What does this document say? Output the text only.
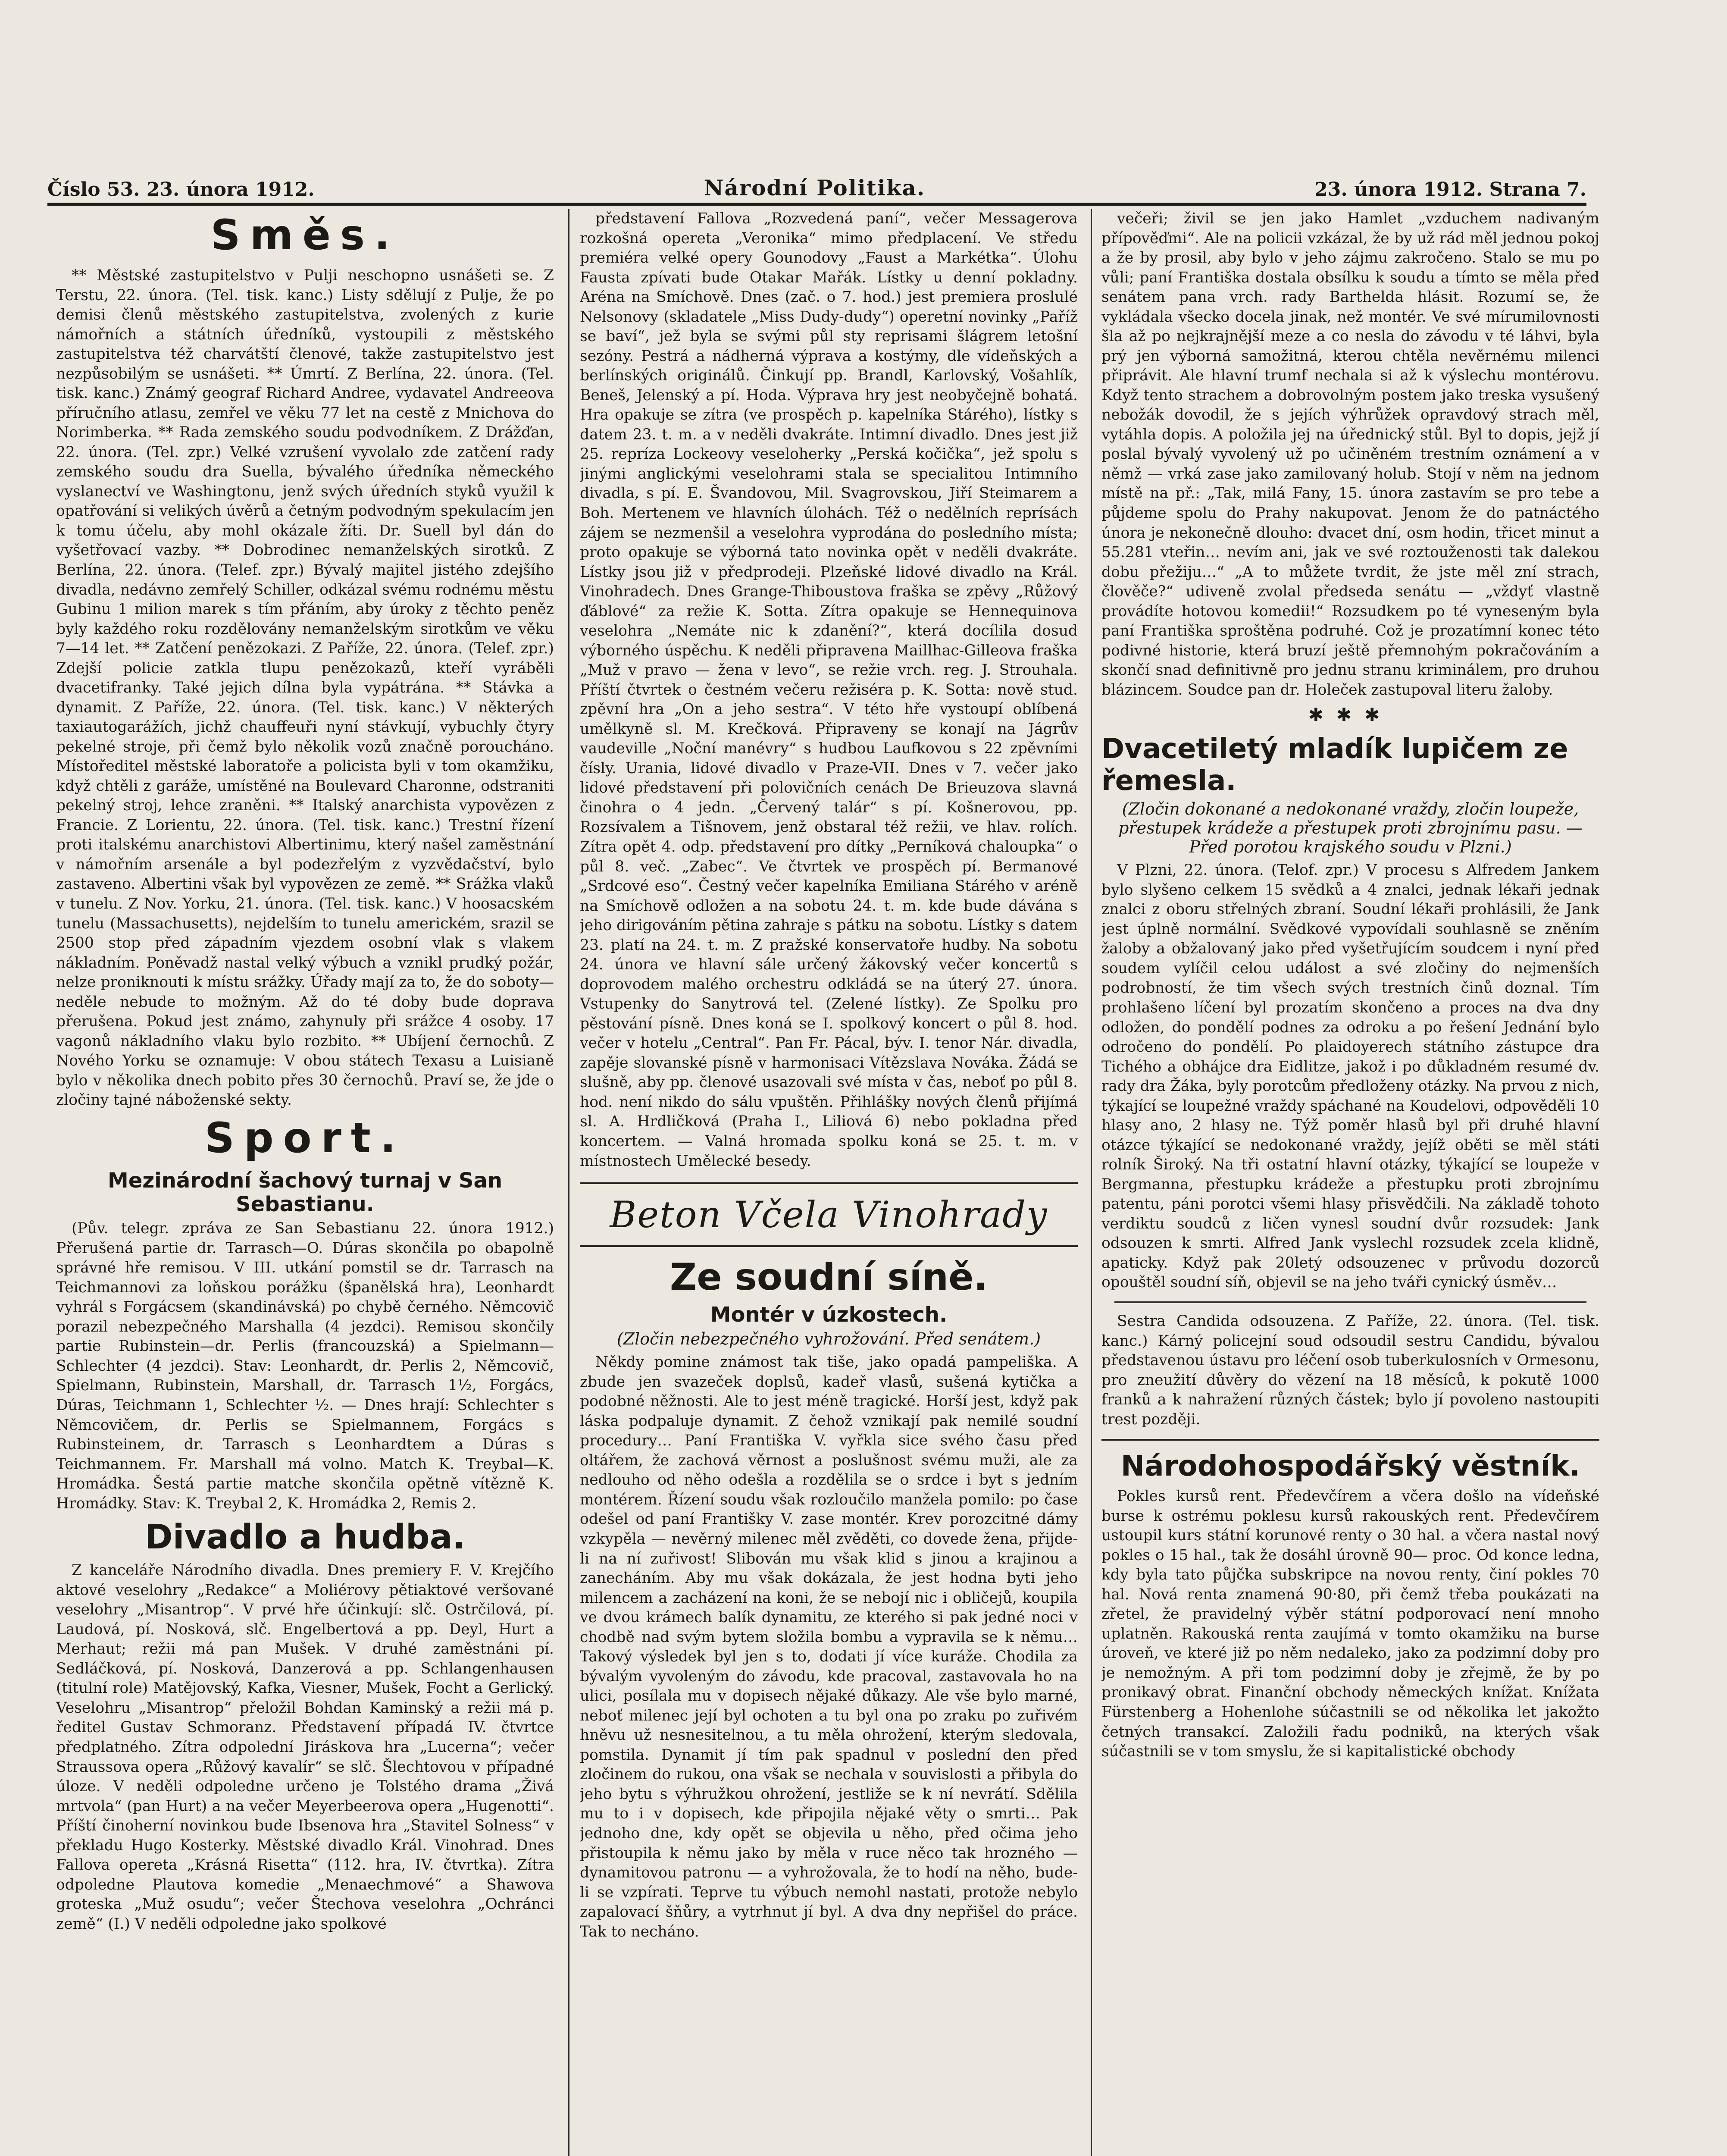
Číslo 53. 23. února 1912.	Národní Politika.	23. února 1912. Strana 7.
Směs.

** Městské zastupitelstvo v Pulji neschopno usnášeti se. Z Terstu, 22. února. (Tel. tisk. kanc.) Listy sdělují z Pulje, že po demisi členů městského zastupitelstva, zvolených z kurie námořních a státních úředníků, vystoupili z městského zastupitelstva též charvátští členové, takže zastupitelstvo jest nezpůsobilým se usnášeti. ** Úmrtí. Z Berlína, 22. února. (Tel. tisk. kanc.) Známý geograf Richard Andree, vydavatel Andreeova příručního atlasu, zemřel ve věku 77 let na cestě z Mnichova do Norimberka. ** Rada zemského soudu podvodníkem. Z Drážďan, 22. února. (Tel. zpr.) Velké vzrušení vyvolalo zde zatčení rady zemského soudu dra Suella, bývalého úředníka německého vyslanectví ve Washingtonu, jenž svých úředních styků využil k opatřování si velikých úvěrů a četným podvodným spekulacím jen k tomu účelu, aby mohl okázale žíti. Dr. Suell byl dán do vyšetřovací vazby. ** Dobrodinec nemanželských sirotků. Z Berlína, 22. února. (Telef. zpr.) Bývalý majitel jistého zdejšího divadla, nedávno zemřelý Schiller, odkázal svému rodnému městu Gubinu 1 milion marek s tím přáním, aby úroky z těchto peněz byly každého roku rozdělovány nemanželským sirotkům ve věku 7—14 let. ** Zatčení penězokazi. Z Paříže, 22. února. (Telef. zpr.) Zdejší policie zatkla tlupu penězokazů, kteří vyráběli dvacetifranky. Také jejich dílna byla vypátrána. ** Stávka a dynamit. Z Paříže, 22. února. (Tel. tisk. kanc.) V některých taxiautogarážích, jichž chauffeuři nyní stávkují, vybuchly čtyry pekelné stroje, při čemž bylo několik vozů značně poroucháno. Místoředitel městské laboratoře a policista byli v tom okamžiku, když chtěli z garáže, umístěné na Boulevard Charonne, odstraniti pekelný stroj, lehce zraněni. ** Italský anarchista vypovězen z Francie. Z Lorientu, 22. února. (Tel. tisk. kanc.) Trestní řízení proti italskému anarchistovi Albertinimu, který našel zaměstnání v námořním arsenále a byl podezřelým z vyzvědačství, bylo zastaveno. Albertini však byl vypovězen ze země. ** Srážka vlaků v tunelu. Z Nov. Yorku, 21. února. (Tel. tisk. kanc.) V hoosacském tunelu (Massachusetts), nejdelším to tunelu americkém, srazil se 2500 stop před západním vjezdem osobní vlak s vlakem nákladním. Poněvadž nastal velký výbuch a vznikl prudký požár, nelze proniknouti k místu srážky. Úřady mají za to, že do soboty—neděle nebude to možným. Až do té doby bude doprava přerušena. Pokud jest známo, zahynuly při srážce 4 osoby. 17 vagonů nákladního vlaku bylo rozbito. ** Ubíjení černochů. Z Nového Yorku se oznamuje: V obou státech Texasu a Luisianě bylo v několika dnech pobito přes 30 černochů. Praví se, že jde o zločiny tajné náboženské sekty.

Sport.
Mezinárodní šachový turnaj v San Sebastianu.

(Pův. telegr. zpráva ze San Sebastianu 22. února 1912.) Přerušená partie dr. Tarrasch—O. Dúras skončila po obapolně správné hře remisou. V III. utkání pomstil se dr. Tarrasch na Teichmannovi za loňskou porážku (španělská hra), Leonhardt vyhrál s Forgácsem (skandinávská) po chybě černého. Němcovič porazil nebezpečného Marshalla (4 jezdci). Remisou skončily partie Rubinstein—dr. Perlis (francouzská) a Spielmann—Schlechter (4 jezdci). Stav: Leonhardt, dr. Perlis 2, Němcovič, Spielmann, Rubinstein, Marshall, dr. Tarrasch 1½, Forgács, Dúras, Teichmann 1, Schlechter ½. — Dnes hrají: Schlechter s Němcovičem, dr. Perlis se Spielmannem, Forgács s Rubinsteinem, dr. Tarrasch s Leonhardtem a Dúras s Teichmannem. Fr. Marshall má volno. Match K. Treybal—K. Hromádka. Šestá partie matche skončila opětně vítězně K. Hromádky. Stav: K. Treybal 2, K. Hromádka 2, Remis 2.

Divadlo a hudba.

Z kanceláře Národního divadla. Dnes premiery F. V. Krejčího aktové veselohry „Redakce“ a Moliérovy pětiaktové veršované veselohry „Misantrop“. V prvé hře účinkují: slč. Ostrčilová, pí. Laudová, pí. Nosková, slč. Engelbertová a pp. Deyl, Hurt a Merhaut; režii má pan Mušek. V druhé zaměstnáni pí. Sedláčková, pí. Nosková, Danzerová a pp. Schlangenhausen (titulní role) Matějovský, Kafka, Viesner, Mušek, Focht a Gerlický. Veselohru „Misantrop“ přeložil Bohdan Kaminský a režii má p. ředitel Gustav Schmoranz. Představení případá IV. čtvrtce předplatného. Zítra odpolední Jiráskova hra „Lucerna“; večer Straussova opera „Růžový kavalír“ se slč. Šlechtovou v případné úloze. V neděli odpoledne určeno je Tolstého drama „Živá mrtvola“ (pan Hurt) a na večer Meyerbeerova opera „Hugenotti“. Příští činoherní novinkou bude Ibsenova hra „Stavitel Solness“ v překladu Hugo Kosterky. Městské divadlo Král. Vinohrad. Dnes Fallova opereta „Krásná Risetta“ (112. hra, IV. čtvrtka). Zítra odpoledne Plautova komedie „Menaechmové“ a Shawova groteska „Muž osudu“; večer Štechova veselohra „Ochránci země“ (I.) V neděli odpoledne jako spolkové

představení Fallova „Rozvedená paní“, večer Messagerova rozkošná opereta „Veronika“ mimo předplacení. Ve středu premiéra velké opery Gounodovy „Faust a Markétka“. Úlohu Fausta zpívati bude Otakar Mařák. Lístky u denní pokladny. Aréna na Smíchově. Dnes (zač. o 7. hod.) jest premiera proslulé Nelsonovy (skladatele „Miss Dudy-dudy“) operetní novinky „Paříž se baví“, jež byla se svými půl sty reprisami šlágrem letošní sezóny. Pestrá a nádherná výprava a kostýmy, dle vídeňských a berlínských originálů. Činkují pp. Brandl, Karlovský, Vošahlík, Beneš, Jelenský a pí. Hoda. Výprava hry jest neobyčejně bohatá. Hra opakuje se zítra (ve prospěch p. kapelníka Stárého), lístky s datem 23. t. m. a v neděli dvakráte. Intimní divadlo. Dnes jest již 25. repríza Lockeovy veseloherky „Perská kočička“, jež spolu s jinými anglickými veselohrami stala se specialitou Intimního divadla, s pí. E. Švandovou, Mil. Svagrovskou, Jiří Steimarem a Boh. Mertenem ve hlavních úlohách. Též o nedělních reprísách zájem se nezmenšil a veselohra vyprodána do posledního místa; proto opakuje se výborná tato novinka opět v neděli dvakráte. Lístky jsou již v předprodeji. Plzeňské lidové divadlo na Král. Vinohradech. Dnes Grange-Thiboustova fraška se zpěvy „Růžový ďáblové“ za režie K. Sotta. Zítra opakuje se Hennequinova veselohra „Nemáte nic k zdanění?“, která docílila dosud výborného úspěchu. K neděli připravena Maillhac-Gilleova fraška „Muž v pravo — žena v levo“, se režie vrch. reg. J. Strouhala. Příští čtvrtek o čestném večeru režiséra p. K. Sotta: nově stud. zpěvní hra „On a jeho sestra“. V této hře vystoupí oblíbená umělkyně sl. M. Krečková. Připraveny se konají na Jágrův vaudeville „Noční manévry“ s hudbou Laufkovou s 22 zpěvními čísly. Urania, lidové divadlo v Praze-VII. Dnes v 7. večer jako lidové představení při polovičních cenách De Brieuzova slavná činohra o 4 jedn. „Červený talár“ s pí. Košnerovou, pp. Rozsívalem a Tišnovem, jenž obstaral též režii, ve hlav. rolích. Zítra opět 4. odp. představení pro dítky „Perníková chaloupka“ o půl 8. več. „Zabec“. Ve čtvrtek ve prospěch pí. Bermanové „Srdcové eso“. Čestný večer kapelníka Emiliana Stárého v aréně na Smíchově odložen a na sobotu 24. t. m. kde bude dávána s jeho dirigováním pětina zahraje s pátku na sobotu. Lístky s datem 23. platí na 24. t. m. Z pražské konservatoře hudby. Na sobotu 24. února ve hlavní sále určený žákovský večer koncertů s doprovodem malého orchestru odkládá se na úterý 27. února. Vstupenky do Sanytrová tel. (Zelené lístky). Ze Spolku pro pěstování písně. Dnes koná se I. spolkový koncert o půl 8. hod. večer v hotelu „Central“. Pan Fr. Pácal, býv. I. tenor Nár. divadla, zapěje slovanské písně v harmonisaci Vítězslava Nováka. Žádá se slušně, aby pp. členové usazovali své místa v čas, neboť po půl 8. hod. není nikdo do sálu vpuštěn. Přihlášky nových členů přijímá sl. A. Hrdličková (Praha I., Liliová 6) nebo pokladna před koncertem. — Valná hromada spolku koná se 25. t. m. v místnostech Umělecké besedy.

Beton Včela Vinohrady
Ze soudní síně.
Montér v úzkostech.
(Zločin nebezpečného vyhrožování. Před senátem.)

Někdy pomine známost tak tiše, jako opadá pampeliška. A zbude jen svazeček doplsů, kadeř vlasů, sušená kytička a podobné něžnosti. Ale to jest méně tragické. Horší jest, když pak láska podpaluje dynamit. Z čehož vznikají pak nemilé soudní procedury… Paní Františka V. vyřkla sice svého času před oltářem, že zachová věrnost a poslušnost svému muži, ale za nedlouho od něho odešla a rozdělila se o srdce i byt s jedním montérem. Řízení soudu však rozloučilo manžela pomilo: po čase odešel od paní Františky V. zase montér. Krev porozcitné dámy vzkypěla — nevěrný milenec měl zvěděti, co dovede žena, přijde-li na ní zuřivost! Slibován mu však klid s jinou a krajinou a zanecháním. Aby mu však dokázala, že jest hodna byti jeho milencem a zacházení na koni, že se nebojí nic i obličejů, koupila ve dvou krámech balík dynamitu, ze kterého si pak jedné noci v chodbě nad svým bytem složila bombu a vypravila se k němu… Takový výsledek byl jen s to, dodati jí více kuráže. Chodila za bývalým vyvoleným do závodu, kde pracoval, zastavovala ho na ulici, posílala mu v dopisech nějaké důkazy. Ale vše bylo marné, neboť milenec její byl ochoten a tu byl ona po zraku po zuřivém hněvu už nesnesitelnou, a tu měla ohrožení, kterým sledovala, pomstila. Dynamit jí tím pak spadnul v poslední den před zločinem do rukou, ona však se nechala v souvislosti a přibyla do jeho bytu s výhružkou ohrožení, jestliže se k ní nevrátí. Sdělila mu to i v dopisech, kde připojila nějaké věty o smrti… Pak jednoho dne, kdy opět se objevila u něho, před očima jeho přistoupila k němu jako by měla v ruce něco tak hrozného — dynamitovou patronu — a vyhrožovala, že to hodí na něho, bude-li se vzpírati. Teprve tu výbuch nemohl nastati, protože nebylo zapalovací šňůry, a vytrhnut jí byl. A dva dny nepřišel do práce. Tak to necháno.

večeři; živil se jen jako Hamlet „vzduchem nadivaným přípověďmi“. Ale na policii vzkázal, že by už rád měl jednou pokoj a že by prosil, aby bylo v jeho zájmu zakročeno. Stalo se mu po vůli; paní Františka dostala obsílku k soudu a tímto se měla před senátem pana vrch. rady Barthelda hlásit. Rozumí se, že vykládala všecko docela jinak, než montér. Ve své mírumilovnosti šla až po nejkrajnější meze a co nesla do závodu v té láhvi, byla prý jen výborná samožitná, kterou chtěla nevěrnému milenci připrávit. Ale hlavní trumf nechala si až k výslechu montérovu. Když tento strachem a dobrovolným postem jako treska vysušený nebožák dovodil, že s jejích výhrůžek opravdový strach měl, vytáhla dopis. A položila jej na úřednický stůl. Byl to dopis, jejž jí poslal bývalý vyvolený už po učiněném trestním oznámení a v němž — vrká zase jako zamilovaný holub. Stojí v něm na jednom místě na př.: „Tak, milá Fany, 15. února zastavím se pro tebe a půjdeme spolu do Prahy nakupovat. Jenom že do patnáctého února je nekonečně dlouho: dvacet dní, osm hodin, třicet minut a 55.281 vteřin… nevím ani, jak ve své roztouženosti tak dalekou dobu přežiju…“ „A to můžete tvrdit, že jste měl zní strach, člověče?“ udiveně zvolal předseda senátu — „vždyť vlastně provádíte hotovou komedii!“ Rozsudkem po té vyneseným byla paní Františka sproštěna podruhé. Což je prozatímní konec této podivné historie, která bruzí ještě přemnohým pokračováním a skončí snad definitivně pro jednu stranu kriminálem, pro druhou blázincem. Soudce pan dr. Holeček zastupoval literu žaloby.

✱✱✱
Dvacetiletý mladík lupičem ze řemesla.
(Zločin dokonané a nedokonané vraždy, zločin loupeže, přestupek krádeže a přestupek proti zbrojnímu pasu. — Před porotou krajského soudu v Plzni.)

V Plzni, 22. února. (Telof. zpr.) V procesu s Alfredem Jankem bylo slyšeno celkem 15 svědků a 4 znalci, jednak lékaři jednak znalci z oboru střelných zbraní. Soudní lékaři prohlásili, že Jank jest úplně normální. Svědkové vypovídali souhlasně se zněním žaloby a obžalovaný jako před vyšetřujícím soudcem i nyní před soudem vylíčil celou událost a své zločiny do nejmenších podrobností, že tim všech svých trestních činů doznal. Tím prohlašeno líčení byl prozatím skončeno a proces na dva dny odložen, do pondělí podnes za odroku a po řešení Jednání bylo odročeno do pondělí. Po plaidoyerech státního zástupce dra Tichého a obhájce dra Eidlitze, jakož i po důkladném resumé dv. rady dra Žáka, byly porotcům předloženy otázky. Na prvou z nich, týkající se loupežné vraždy spáchané na Koudelovi, odpověděli 10 hlasy ano, 2 hlasy ne. Týž poměr hlasů byl při druhé hlavní otázce týkající se nedokonané vraždy, jejíž oběti se měl státi rolník Široký. Na tři ostatní hlavní otázky, týkající se loupeže v Bergmanna, přestupku krádeže a přestupku proti zbrojnímu patentu, páni porotci všemi hlasy přisvědčili. Na základě tohoto verdiktu soudců z ličen vynesl soudní dvůr rozsudek: Jank odsouzen k smrti. Alfred Jank vyslechl rozsudek zcela klidně, apaticky. Když pak 20letý odsouzenec v průvodu dozorců opouštěl soudní síň, objevil se na jeho tváři cynický úsměv…

Sestra Candida odsouzena. Z Paříže, 22. února. (Tel. tisk. kanc.) Kárný policejní soud odsoudil sestru Candidu, bývalou představenou ústavu pro léčení osob tuberkulosních v Ormesonu, pro zneužití důvěry do vězení na 18 měsíců, k pokutě 1000 franků a k nahražení různých částek; bylo jí povoleno nastoupiti trest později.

Národohospodářský věstník.

Pokles kursů rent. Předevčírem a včera došlo na vídeňské burse k ostrému poklesu kursů rakouských rent. Předevčírem ustoupil kurs státní korunové renty o 30 hal. a včera nastal nový pokles o 15 hal., tak že dosáhl úrovně 90— proc. Od konce ledna, kdy byla tato půjčka subskripce na novou renty, činí pokles 70 hal. Nová renta znamená 90·80, při čemž třeba poukázati na zřetel, že pravidelný výběr státní podporovací není mnoho uplatněn. Rakouská renta zaujímá v tomto okamžiku na burse úroveň, ve které již po něm nedaleko, jako za podzimní doby pro je nemožným. A při tom podzimní doby je zřejmě, že by po pronikavý obrat. Finanční obchody německých knížat. Knížata Fürstenberg a Hohenlohe súčastnili se od několika let jakožto četných transakcí. Založili řadu podniků, na kterých však súčastnili se v tom smyslu, že si kapitalistické obchody
